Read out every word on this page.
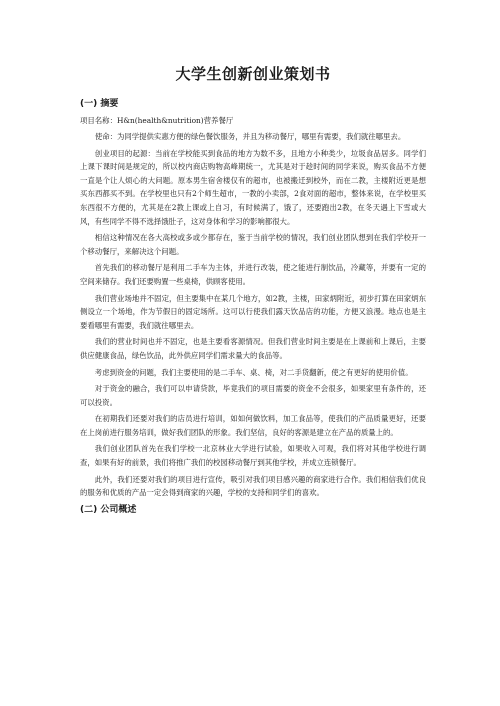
大学生创新创业策划书
(一) 摘要
项目名称：H&n(health&nutrition)营养餐厅

使命：为同学提供实惠方便的绿色餐饮服务，并且为移动餐厅，哪里有需要，我们就往哪里去。

创业项目的起源：当前在学校能买到食品的地方为数不多，且地方小种类少，垃圾食品居多。同学们上课下课时间是规定的，所以校内商店购物高峰期统一，尤其是对于趁时间的同学来说，购买食品不方便一直是个让人烦心的大问题。原本男生宿舍楼仅有的超市，也被搬迁到校外，而在二教，主楼附近更是想买东西都买不到。在学校里也只有2个师生超市，一教的小卖部，2食对面的超市，整体来说，在学校里买东西很不方便的，尤其是在2教上课或上自习，有时候满了，饿了，还要跑出2教，在冬天遇上下雪或大风，有些同学不得不选择饿肚子，这对身体和学习的影响都很大。

相信这种情况在各大高校或多或少都存在，鉴于当前学校的情况，我们创业团队想到在我们学校开一个移动餐厅，来解决这个问题。

首先我们的移动餐厅是利用二手车为主体，并进行改装，使之能进行制饮品，冷藏等，并要有一定的空间来储存。我们还要购置一些桌椅，供顾客使用。

我们营业场地并不固定，但主要集中在某几个地方，如2教，主楼，田家炳附近，初步打算在田家炳东侧设立一个场地，作为节假日的固定场所。这可以行使我们露天饮品店的功能，方便又浪漫。地点也是主要看哪里有需要，我们就往哪里去。

我们的营业时间也并不固定，也是主要看客源情况。但我们营业时间主要是在上课前和上课后，主要供应健康食品，绿色饮品，此外供应同学们需求量大的食品等。

考虑到资金的问题，我们主要使用的是二手车、桌、椅，对二手货翻新，使之有更好的使用价值。

对于资金的融合，我们可以申请贷款，毕竟我们的项目需要的资金不会很多，如果家里有条件的，还可以投资。

在初期我们还要对我们的店员进行培训，如如何做饮料，加工食品等，使我们的产品质量更好，还要在上岗前进行服务培训，做好我们团队的形象。我们坚信，良好的客源是建立在产品的质量上的。

我们创业团队首先在我们学校一北京林业大学进行试验，如果收入可观，我们将对其他学校进行调查，如果有好的前景，我们将推广我们的校园移动餐厅到其他学校，并成立连锁餐厅。

此外，我们还要对我们的项目进行宣传，吸引对我们项目感兴趣的商家进行合作。我们相信我们优良的服务和优质的产品一定会得到商家的兴趣，学校的支持和同学们的喜欢。

(二) 公司概述
